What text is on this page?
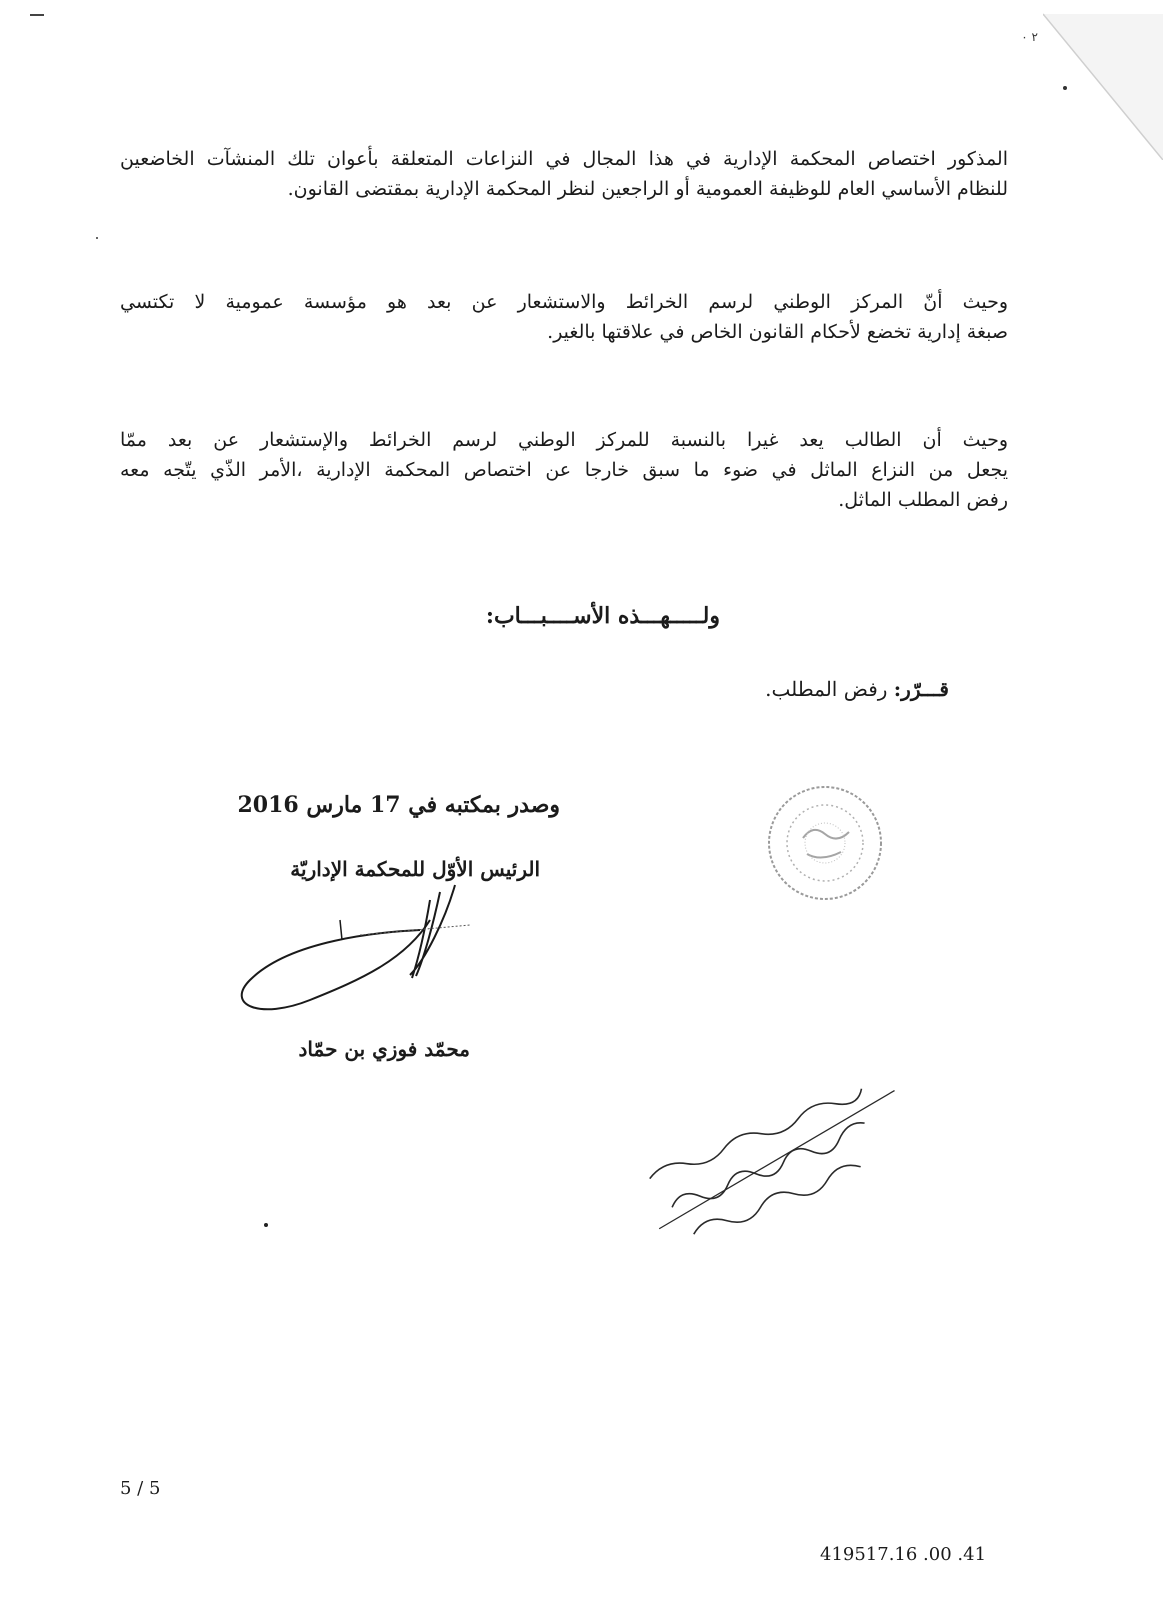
٢ ٠
المذكور اختصاص المحكمة الإدارية في هذا المجال في النزاعات المتعلقة بأعوان تلك المنشآت الخاضعين
للنظام الأساسي العام للوظيفة العمومية أو الراجعين لنظر المحكمة الإدارية بمقتضى القانون.
وحيث أنّ المركز الوطني لرسم الخرائط والاستشعار عن بعد هو مؤسسة عمومية لا تكتسي
صبغة إدارية تخضع لأحكام القانون الخاص في علاقتها بالغير.
وحيث أن الطالب يعد غيرا بالنسبة للمركز الوطني لرسم الخرائط والإستشعار عن بعد ممّا
يجعل من النزاع الماثل في ضوء ما سبق خارجا عن اختصاص المحكمة الإدارية ،الأمر الذّي يتّجه معه
رفض المطلب الماثل.
ولـــــهـــذه الأســــبـــاب:
قـــرّر: رفض المطلب.
وصدر بمكتبه في 17 مارس 2016
الرئيس الأوّل للمحكمة الإداريّة
محمّد فوزي بن حمّاد
5 / 5
419517.16 .00 .41
